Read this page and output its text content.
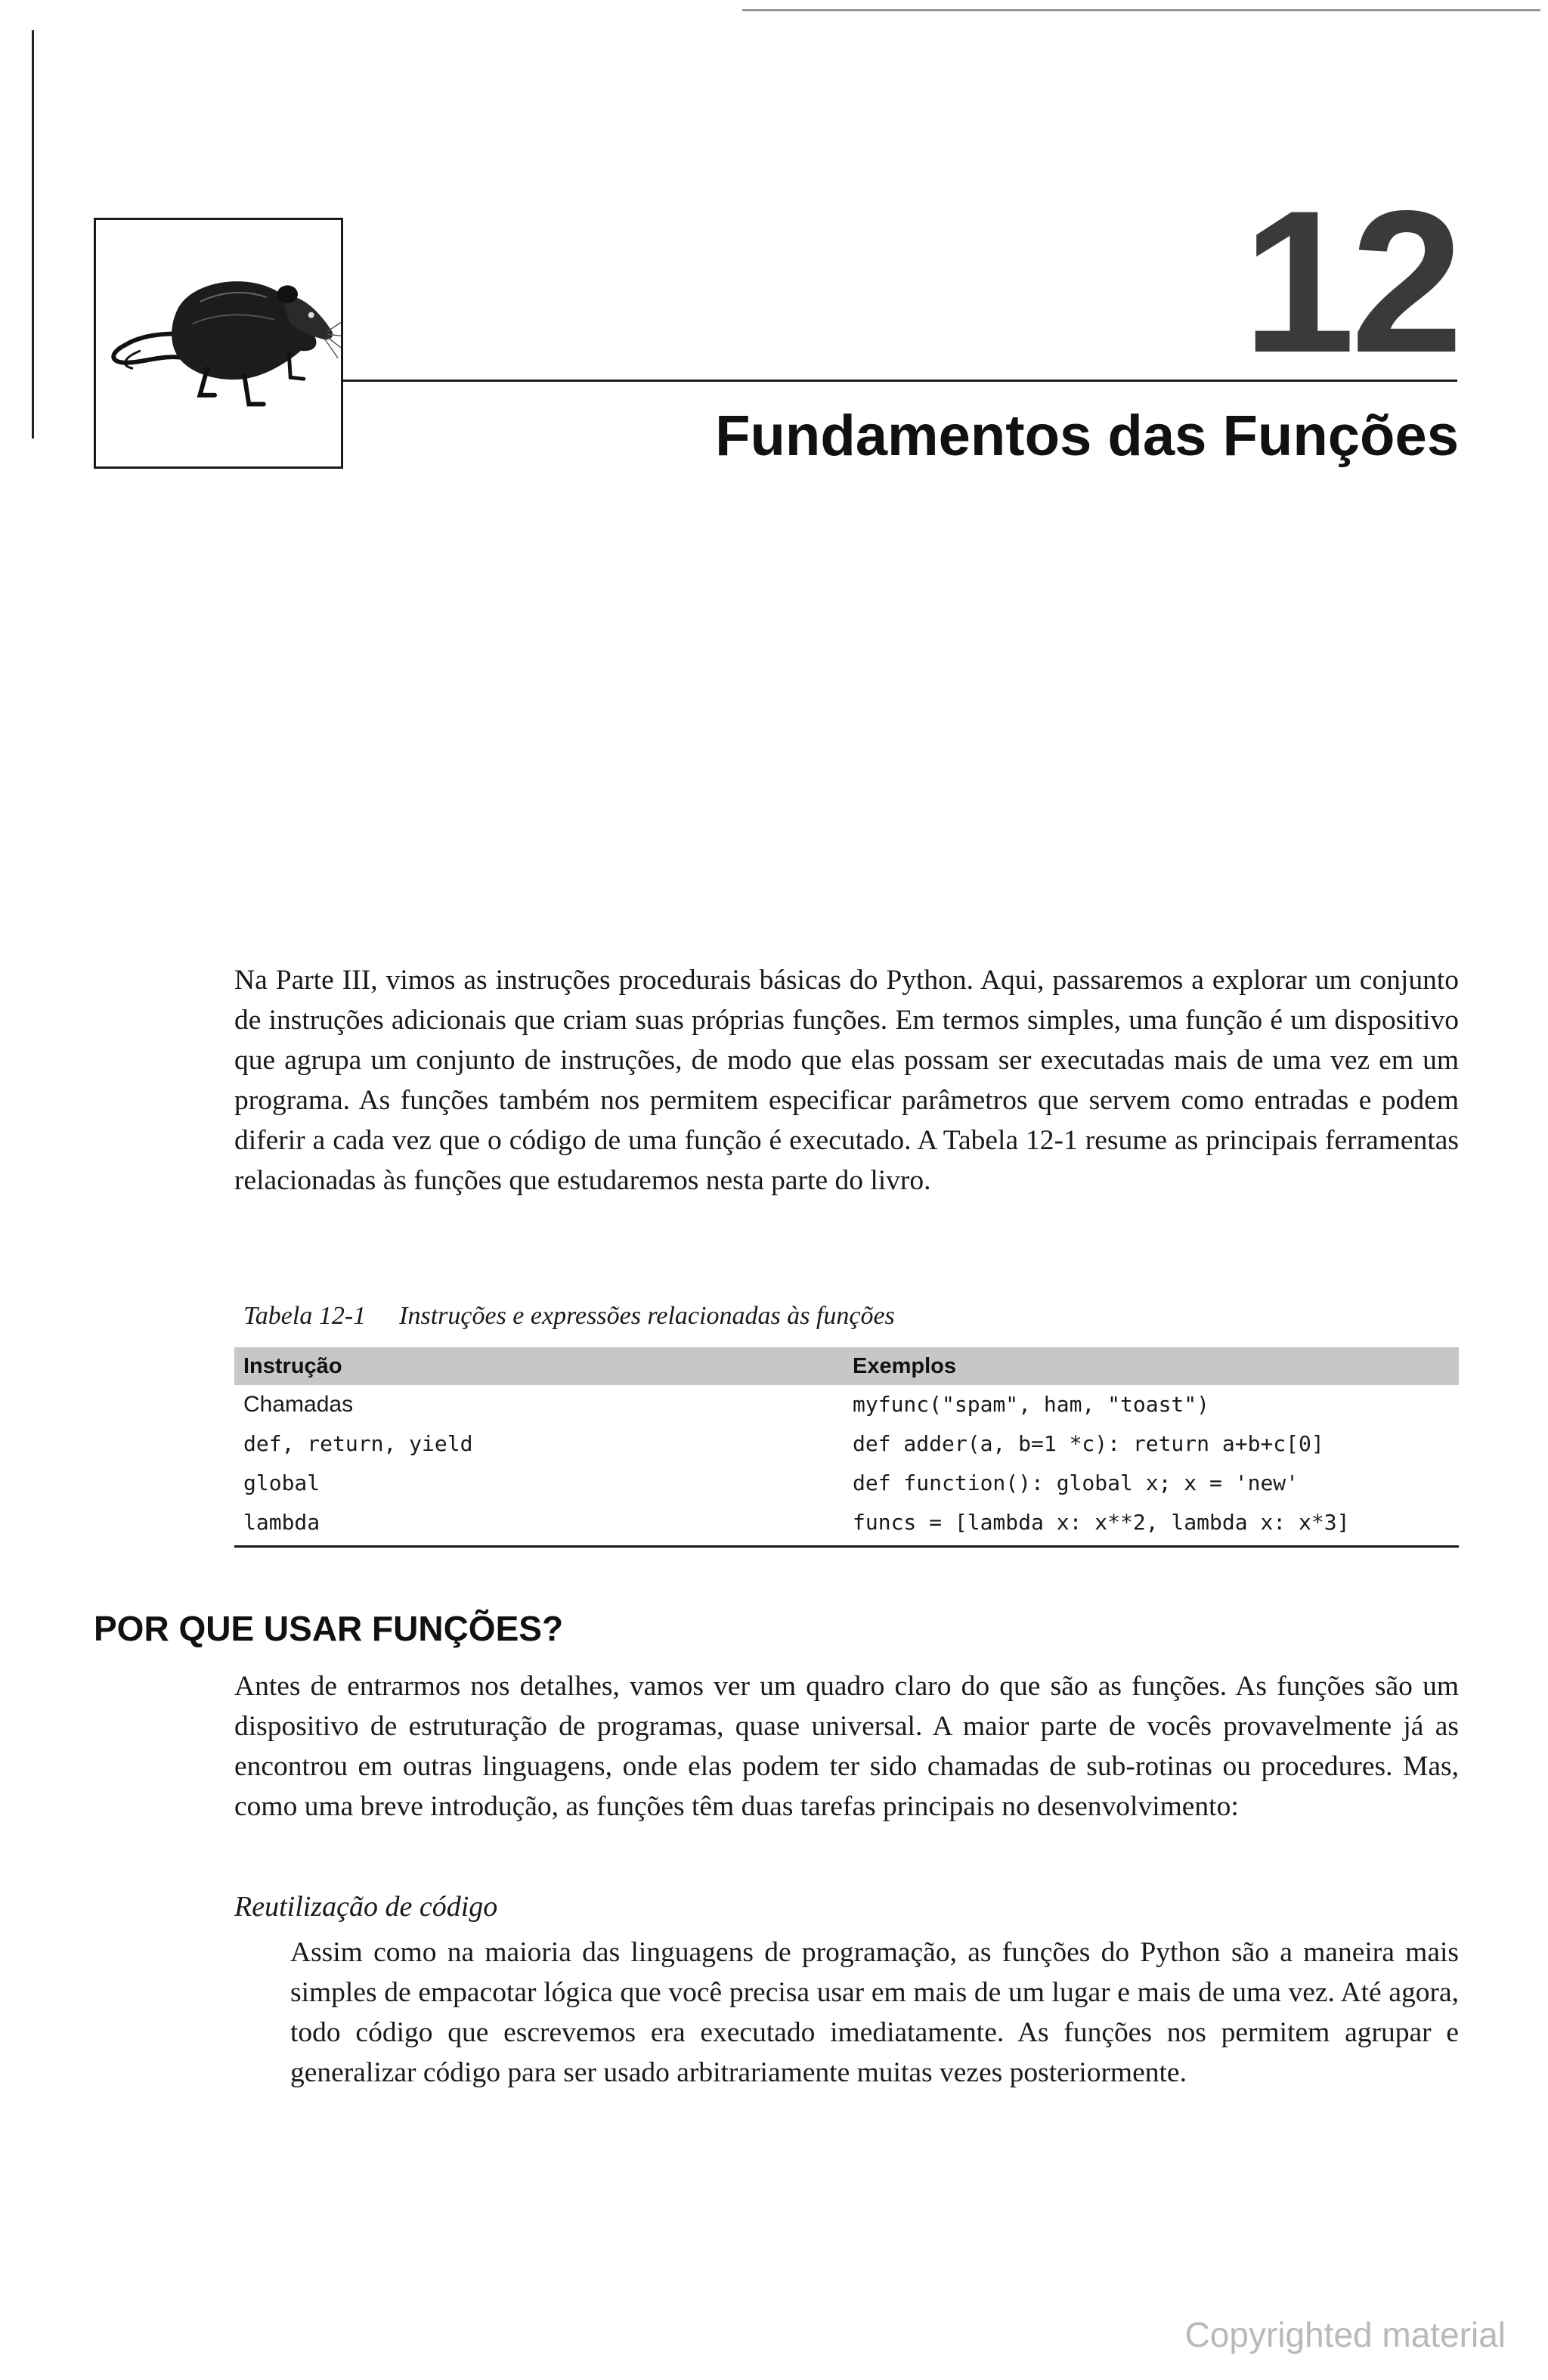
12
Fundamentos das Funções

Na Parte III, vimos as instruções procedurais básicas do Python. Aqui, passaremos a explorar um conjunto de instruções adicionais que criam suas próprias funções. Em termos simples, uma função é um dispositivo que agrupa um conjunto de instruções, de modo que elas possam ser executadas mais de uma vez em um programa. As funções também nos permitem especificar parâmetros que servem como entradas e podem diferir a cada vez que o código de uma função é executado. A Tabela 12-1 resume as principais ferramentas relacionadas às funções que estudaremos nesta parte do livro.

Tabela 12-1 Instruções e expressões relacionadas às funções
Instrução	Exemplos
Chamadas	myfunc("spam", ham, "toast")
def, return, yield	def adder(a, b=1 *c): return a+b+c[0]
global	def function(): global x; x = 'new'
lambda	funcs = [lambda x: x**2, lambda x: x*3]
POR QUE USAR FUNÇÕES?

Antes de entrarmos nos detalhes, vamos ver um quadro claro do que são as funções. As funções são um dispositivo de estruturação de programas, quase universal. A maior parte de vocês provavelmente já as encontrou em outras linguagens, onde elas podem ter sido chamadas de sub-rotinas ou procedures. Mas, como uma breve introdução, as funções têm duas tarefas principais no desenvolvimento:

Reutilização de código

Assim como na maioria das linguagens de programação, as funções do Python são a maneira mais simples de empacotar lógica que você precisa usar em mais de um lugar e mais de uma vez. Até agora, todo código que escrevemos era executado imediatamente. As funções nos permitem agrupar e generalizar código para ser usado arbitrariamente muitas vezes posteriormente.

Copyrighted material
